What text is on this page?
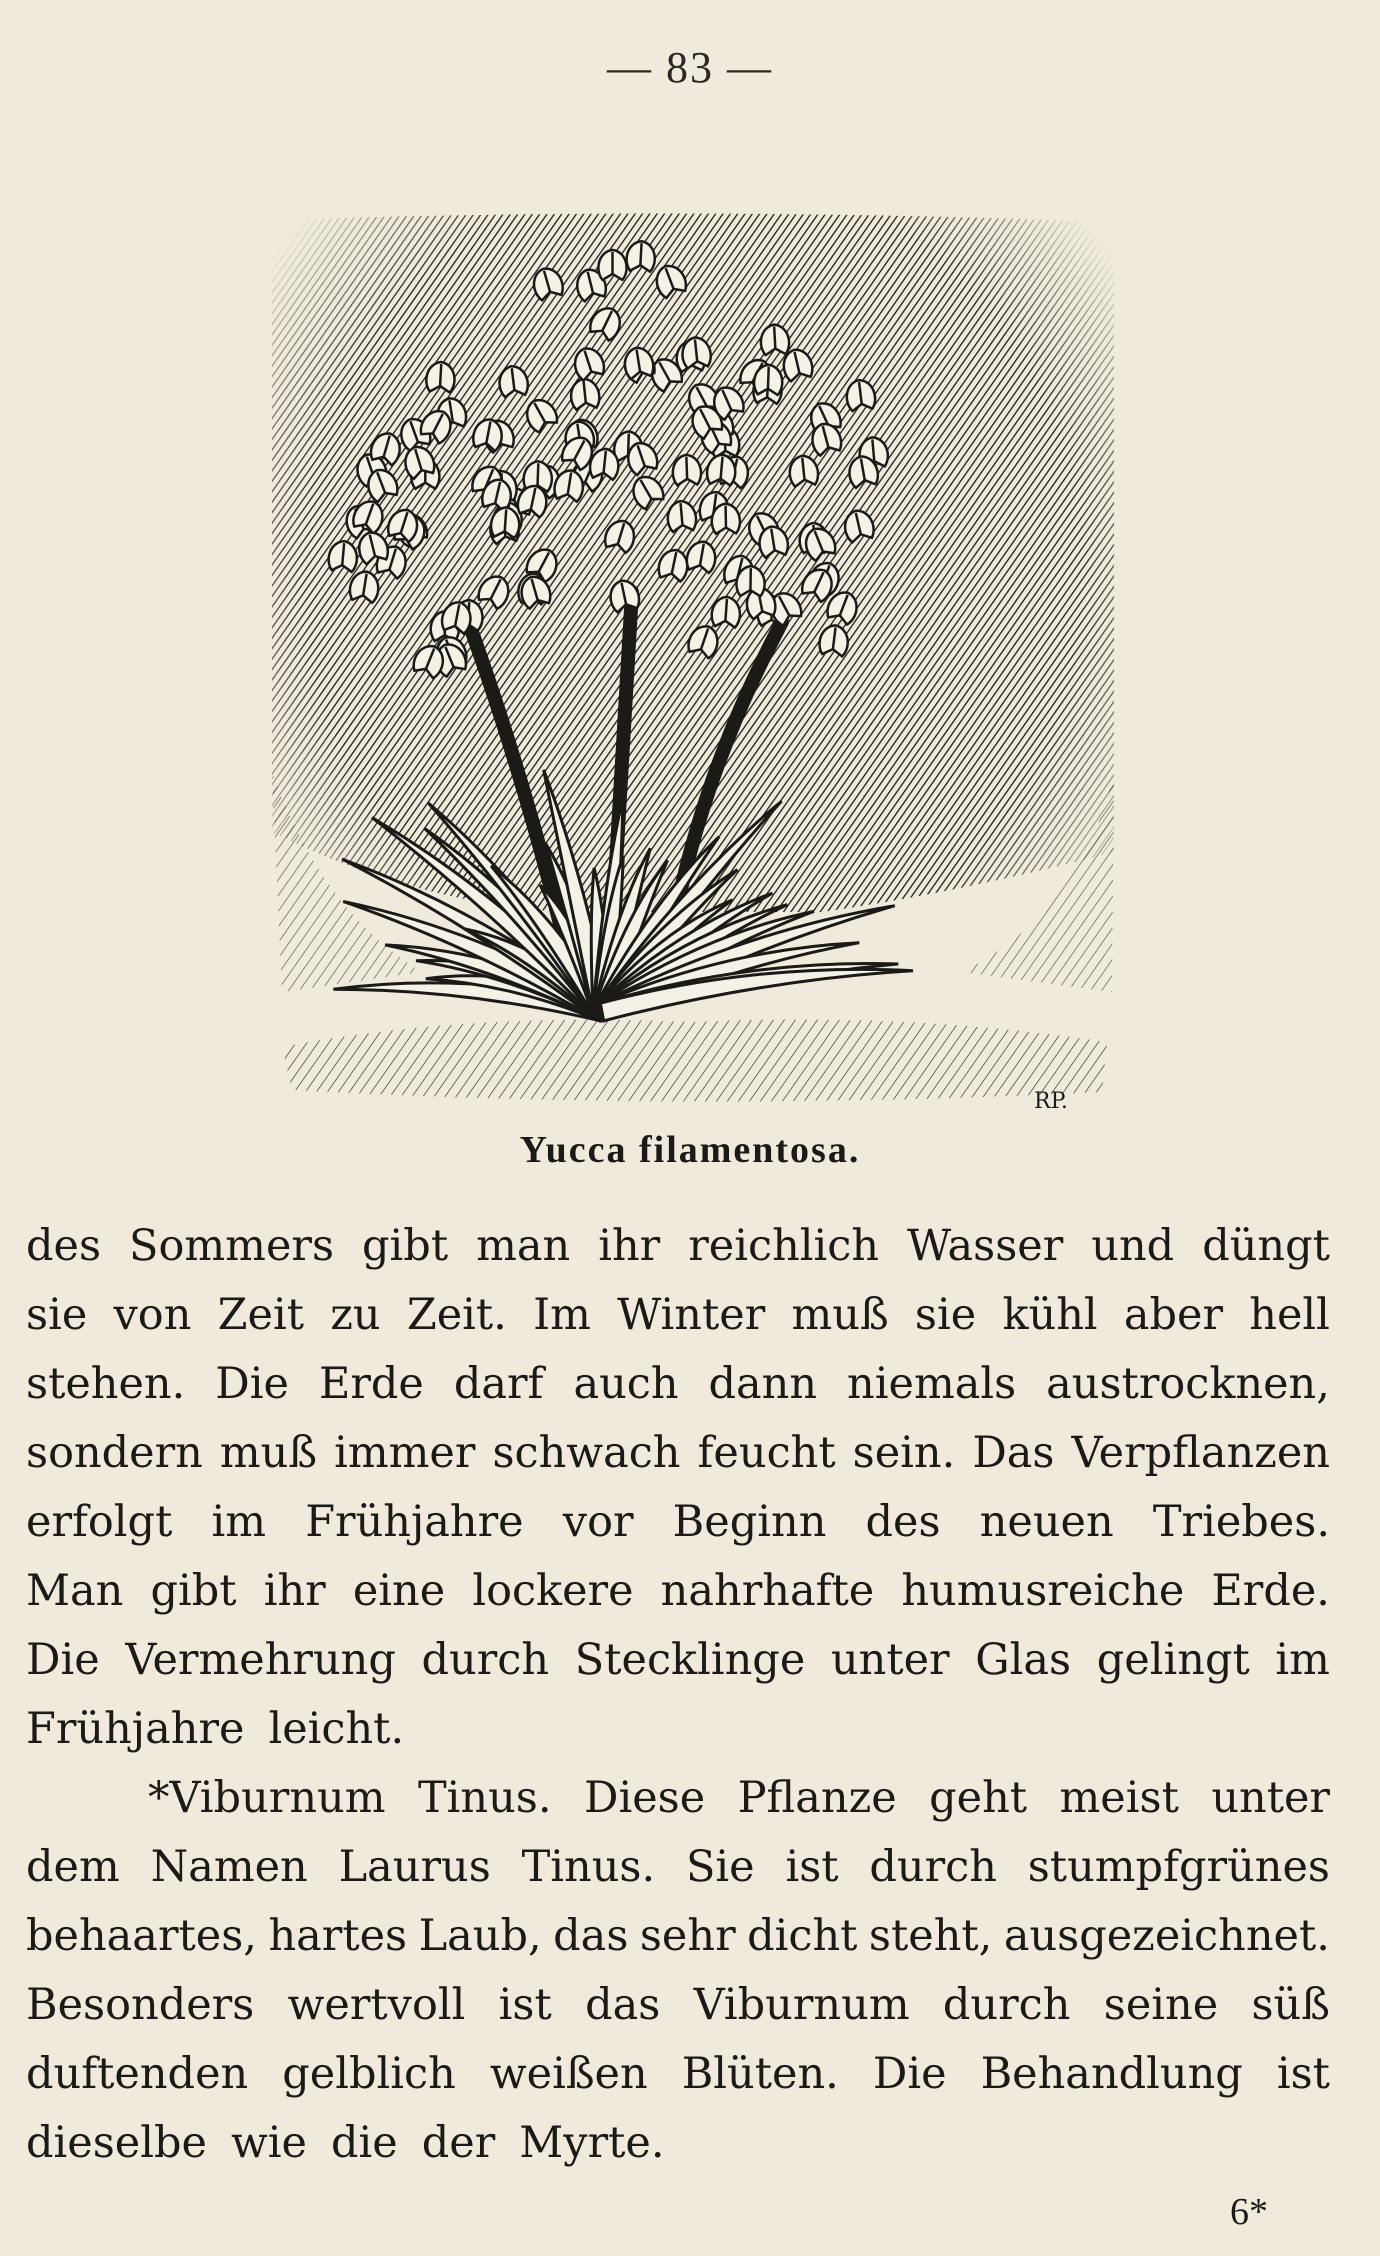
— 83 —
RP.
Yucca filamentosa.
des Sommers gibt man ihr reichlich Wasser und düngt
sie von Zeit zu Zeit. Im Winter muß sie kühl aber hell
stehen. Die Erde darf auch dann niemals austrocknen,
sondern muß immer schwach feucht sein. Das Verpflanzen
erfolgt im Frühjahre vor Beginn des neuen Triebes.
Man gibt ihr eine lockere nahrhafte humusreiche Erde.
Die Vermehrung durch Stecklinge unter Glas gelingt im
Frühjahre leicht.
*Viburnum Tinus. Diese Pflanze geht meist unter
dem Namen Laurus Tinus. Sie ist durch stumpfgrünes
behaartes, hartes Laub, das sehr dicht steht, ausgezeichnet.
Besonders wertvoll ist das Viburnum durch seine süß
duftenden gelblich weißen Blüten. Die Behandlung ist
dieselbe wie die der Myrte.
6*
